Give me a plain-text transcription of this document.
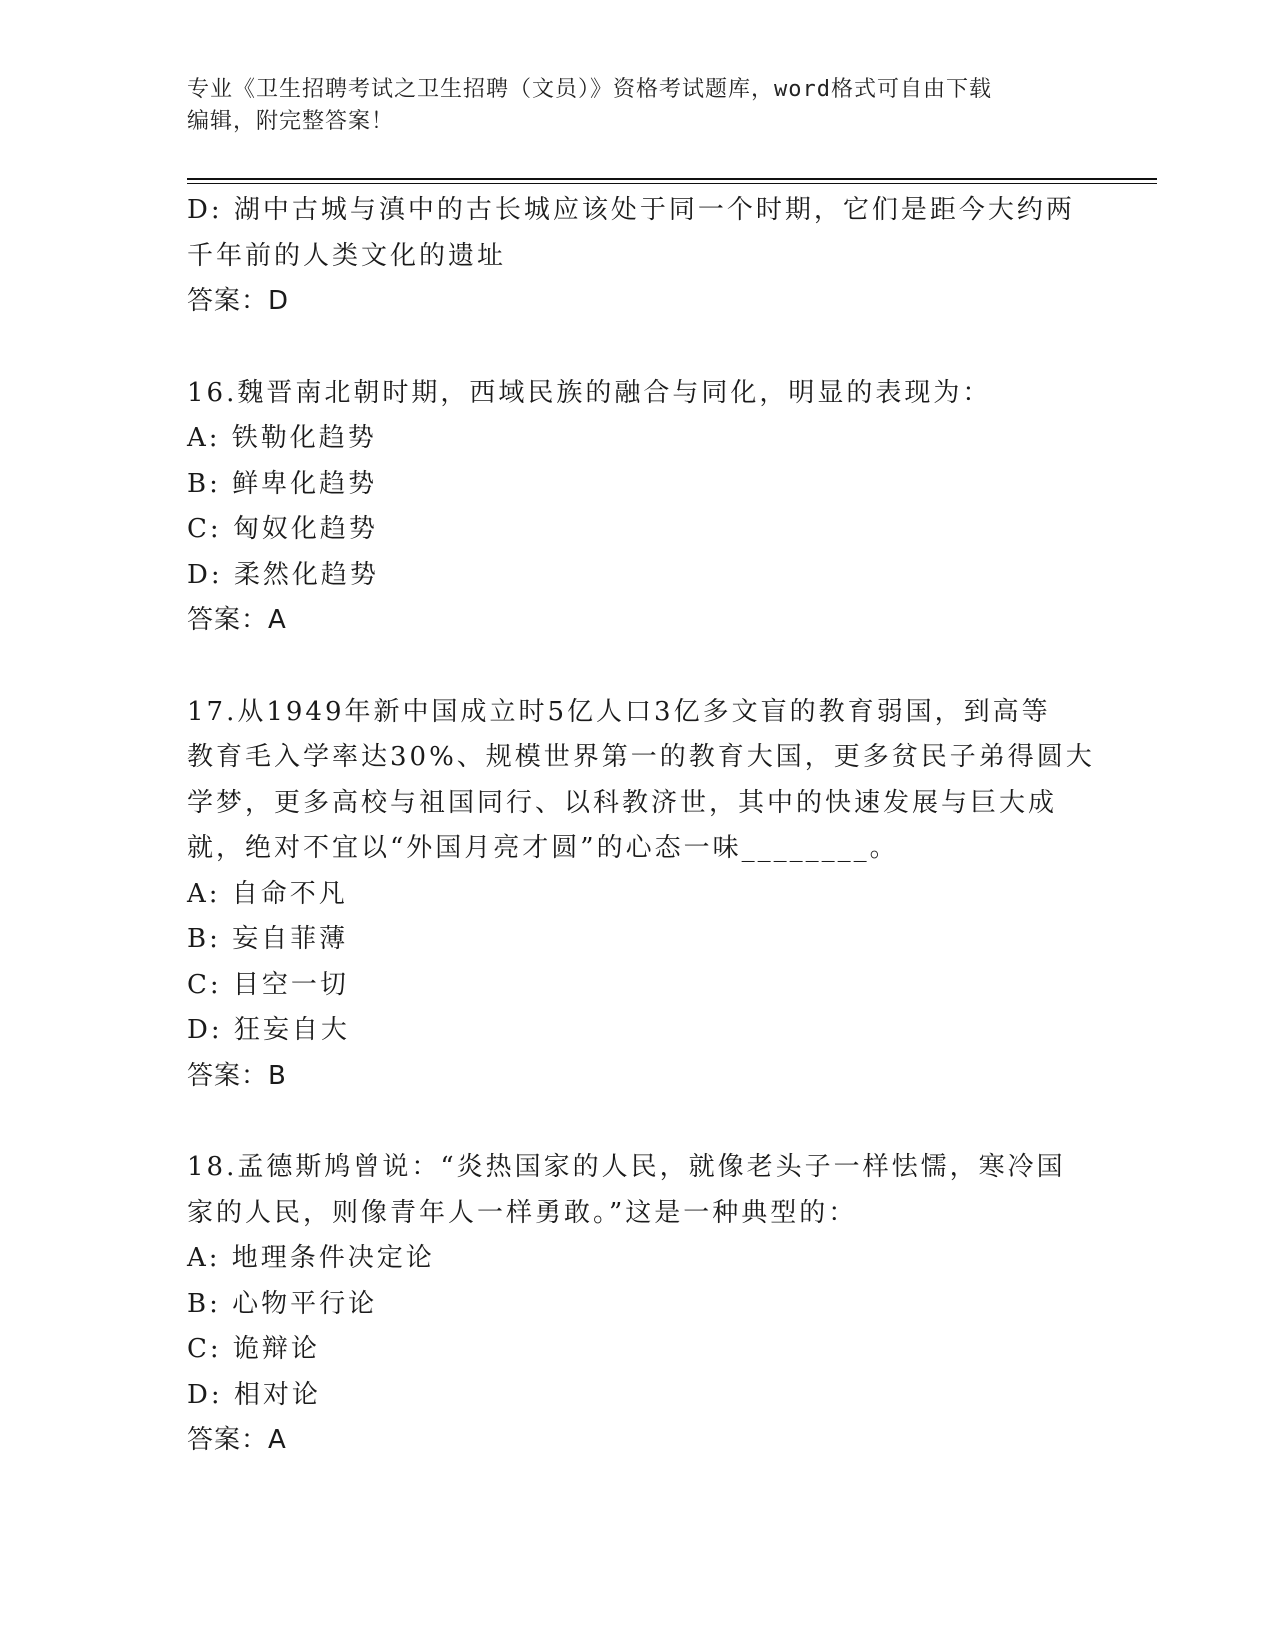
专业《卫生招聘考试之卫生招聘（文员）》资格考试题库，word格式可自由下载
编辑，附完整答案！
D: 湖中古城与滇中的古长城应该处于同一个时期，它们是距今大约两
千年前的人类文化的遗址
答案：D
16.魏晋南北朝时期，西域民族的融合与同化，明显的表现为：
A: 铁勒化趋势
B: 鲜卑化趋势
C: 匈奴化趋势
D: 柔然化趋势
答案：A
17.从1949年新中国成立时5亿人口3亿多文盲的教育弱国，到高等
教育毛入学率达30%、规模世界第一的教育大国，更多贫民子弟得圆大
学梦，更多高校与祖国同行、以科教济世，其中的快速发展与巨大成
就，绝对不宜以“外国月亮才圆”的心态一味________。
A: 自命不凡
B: 妄自菲薄
C: 目空一切
D: 狂妄自大
答案：B
18.孟德斯鸠曾说：“炎热国家的人民，就像老头子一样怯懦，寒冷国
家的人民，则像青年人一样勇敢。”这是一种典型的：
A: 地理条件决定论
B: 心物平行论
C: 诡辩论
D: 相对论
答案：A
